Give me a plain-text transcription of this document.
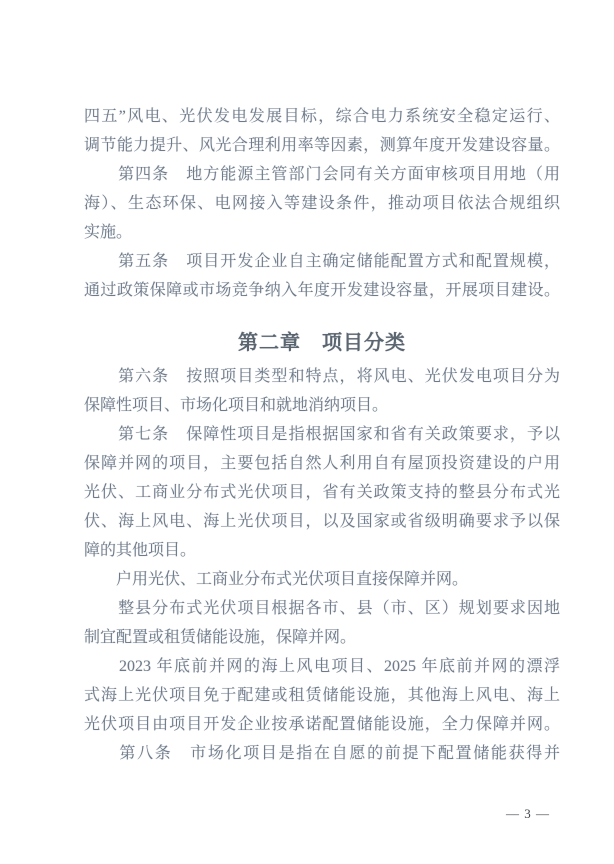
四五”风电、光伏发电发展目标，综合电力系统安全稳定运行、
调节能力提升、风光合理利用率等因素，测算年度开发建设容量。
　　第四条　地方能源主管部门会同有关方面审核项目用地（用
海）、生态环保、电网接入等建设条件，推动项目依法合规组织
实施。
　　第五条　项目开发企业自主确定储能配置方式和配置规模，
通过政策保障或市场竞争纳入年度开发建设容量，开展项目建设。
第二章　项目分类
　　第六条　按照项目类型和特点，将风电、光伏发电项目分为
保障性项目、市场化项目和就地消纳项目。
　　第七条　保障性项目是指根据国家和省有关政策要求，予以
保障并网的项目，主要包括自然人利用自有屋顶投资建设的户用
光伏、工商业分布式光伏项目，省有关政策支持的整县分布式光
伏、海上风电、海上光伏项目，以及国家或省级明确要求予以保
障的其他项目。
　　户用光伏、工商业分布式光伏项目直接保障并网。
　　整县分布式光伏项目根据各市、县（市、区）规划要求因地
制宜配置或租赁储能设施，保障并网。
　　2023 年底前并网的海上风电项目、2025 年底前并网的漂浮
式海上光伏项目免于配建或租赁储能设施，其他海上风电、海上
光伏项目由项目开发企业按承诺配置储能设施，全力保障并网。
　　第八条　市场化项目是指在自愿的前提下配置储能获得并
— 3 —
